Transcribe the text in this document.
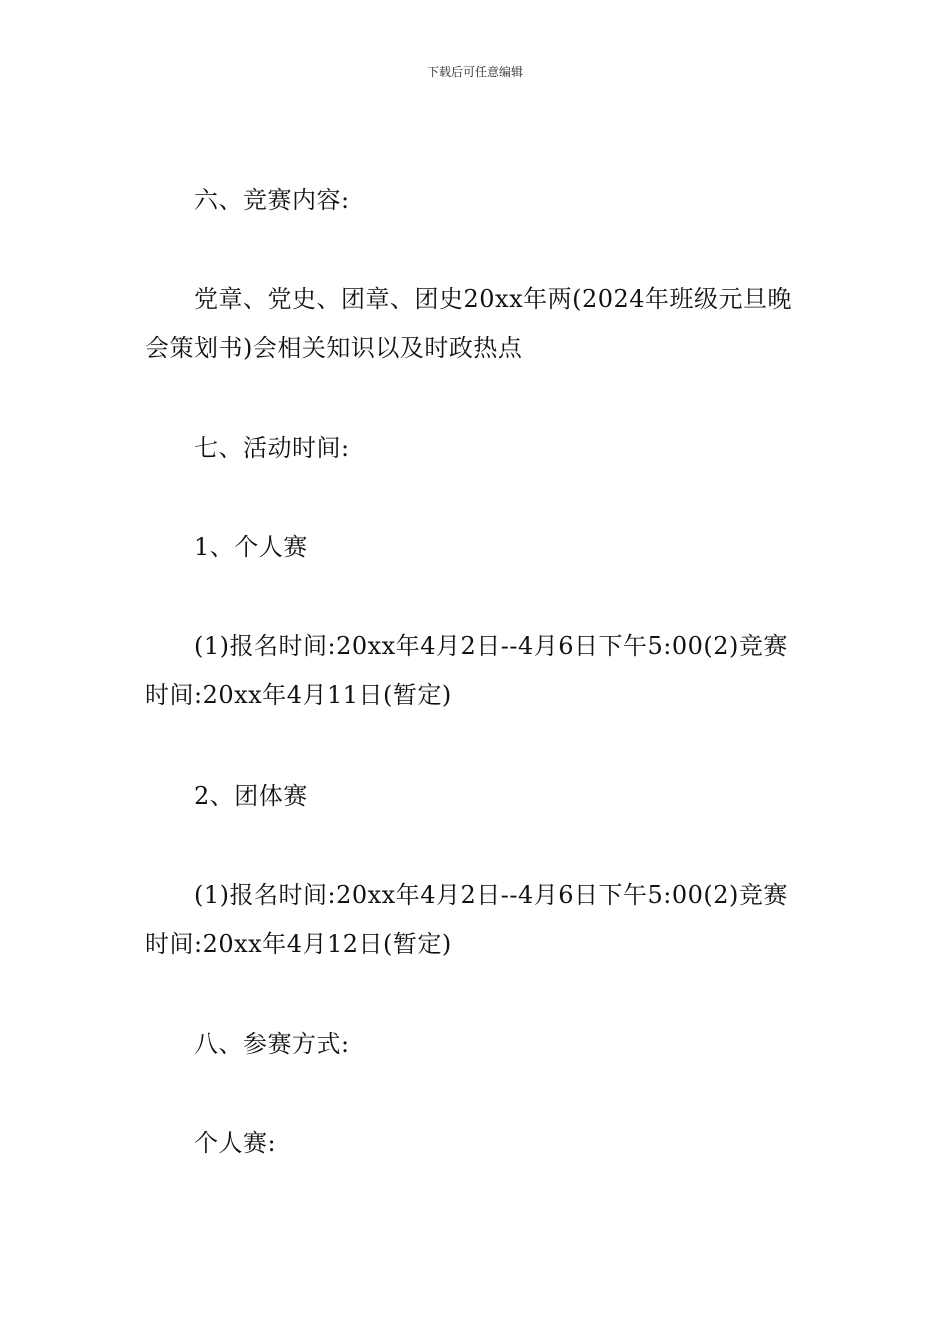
下载后可任意编辑

六、竞赛内容:

党章、党史、团章、团史20xx年两(2024年班级元旦晚会策划书)会相关知识以及时政热点

七、活动时间:

1、个人赛

(1)报名时间:20xx年4月2日--4月6日下午5:00(2)竞赛时间:20xx年4月11日(暂定)

2、团体赛

(1)报名时间:20xx年4月2日--4月6日下午5:00(2)竞赛时间:20xx年4月12日(暂定)

八、参赛方式:

个人赛:
